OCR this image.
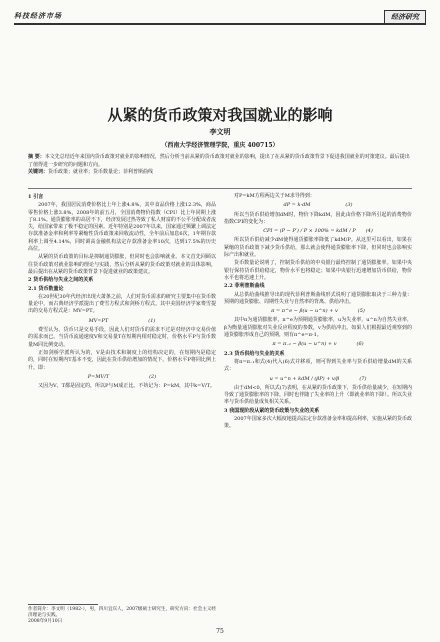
科技经济市场	经济研究
从紧的货币政策对我国就业的影响
李文明
（西南大学经济管理学院，重庆 400715）
摘 要：本文先总结近年来国内货币政策对就业的影响情况，然后分析当前从紧的货币政策对就业的影响，提出了在从紧的货币政策背景下促进我国就业的对策建议。最后提出了值得进一步研究的问题和方向。
关键词：货币政策；就业率；货币数量论；菲利普斯曲线

1 引言

2007年，我国居民消费价格比上年上涨4.8%，其中食品价格上涨12.3%，商品零售价格上涨3.8%，2008年的前五月，全国消费物价指数（CPI）比上年同期上涨了8.1%。通货膨胀率的高居不下，经济发展过热等致了私人财富的不公平分配或者流失，给国家带来了极不稳定的因素。近年特别是2007年以来，国家通过频繁上调法定存款准备金率和利率等紧缩性货币政策来回收流动性，全年前后加息6次，1年期存款利率上调至4.14%，同时调高金融机构法定存款准备金率10次，达到17.5%的历史高位。

从紧的货币政策的目标是抑制通货膨胀，但同时也会影响就业。本文首先回顾以往货币政策对就业影响的理论与实践，然后分析从紧的货币政策对就业的具体影响，最后提出在从紧的货币政策背景下促进就业的政策建议。

2 货币供给与失业之间的关系

2.1 货币数量论

在20世纪30年代经济出现大萧条之前，人们对货币需求的研究主要集中在货币数量论中，而古典经济学派提出了费雪方程式和剑桥方程式。其中美国经济学家费雪提出的交易方程式是：MV=PT。

MV=PT　　　　　　　　(1)

费雪认为，货币只是交易手段，因此人们对货币的需求不过是对经济中交易价值的需求而已。当货币流通速度V和交易量T在短期内相对稳定时，价格水平P与货币数量M同比例变动。

正如剑桥学派所认为的，V是由技术和制度上的结构决定的，在短期内是稳定的，同时在短期内T基本不变，因此在货币供给增加的情况下，价格水平P将同比例上升。即：

P=MV/T　　　　　　　　(2)

又因为V、T都是固定的，所以P与M成正比。不妨记为：P=kM，其中k=V/T。

对P=kM方程两边关于M求导得到：

dP = k·dM　　　　　　　(3)

所以当货币供给增加dM时，物价下降kdM，因此由价格下降所引起的消费物价指数CPI的变化为：

CPI = (P − P′) / P × 100% = kdM / P　　(4)

所以货币供给减少dM使得通货膨胀率降低了kdM/P。从这里可以看出，如果在紧缩的货币政策下减少货币供给，那么就会使得通货膨胀率下降，但同时也会影响实际产出和就业。

货币数量论说明了，控制货币供给的中央银行最终控制了通货膨胀率。如果中央银行保持货币供给稳定，物价水平也将稳定；如果中央银行迅速增加货币供给，物价水平也将迅速上升。

2.2 菲利普斯曲线

从总供给曲线推导出的现代菲利普斯曲线形式说明了通货膨胀取决于三种力量：预期的通货膨胀、周期性失业与自然率的背离、供给冲击。

π = π^e − β(u − u^n) + v　　　　(5)

其中π为通货膨胀率，π^e为预期通货膨胀率，u为失业率，u^n为自然失业率，β为衡量通货膨胀对失业反应程度的参数，v为供给冲击。如果人们根据最近观察到的通货膨胀形成自己的预期，则有π^e=π-1。

π = π₋₁ − β(u − u^n) + v　　　　(6)

2.3 货币供给与失业的关系

将π=π₋₁和式(4)代入(6)式并移项，则可得到失业率与货币供给增量dM的关系式：

u = u^n + kdM / (βP) + v/β　　　　(7)

由于dM<0，所以式(7)表明，在从紧的货币政策下，货币供给量减少，在短期内导致了通货膨胀率的下降，同时也伴随了失业率的上升（即就业率的下降）。所以失业率与货币供给量成负相关关系。

3 我国现阶段从紧的货币政策与失业的关系

2007年国家多次大幅度地提高法定存款准备金率和提高利率，实施从紧的货币政策。

作者简介：李文明（1982-），男，四川宜宾人，2007级硕士研究生，研究方向：社会主义经济理论与实践。
2008年9月10日
75
